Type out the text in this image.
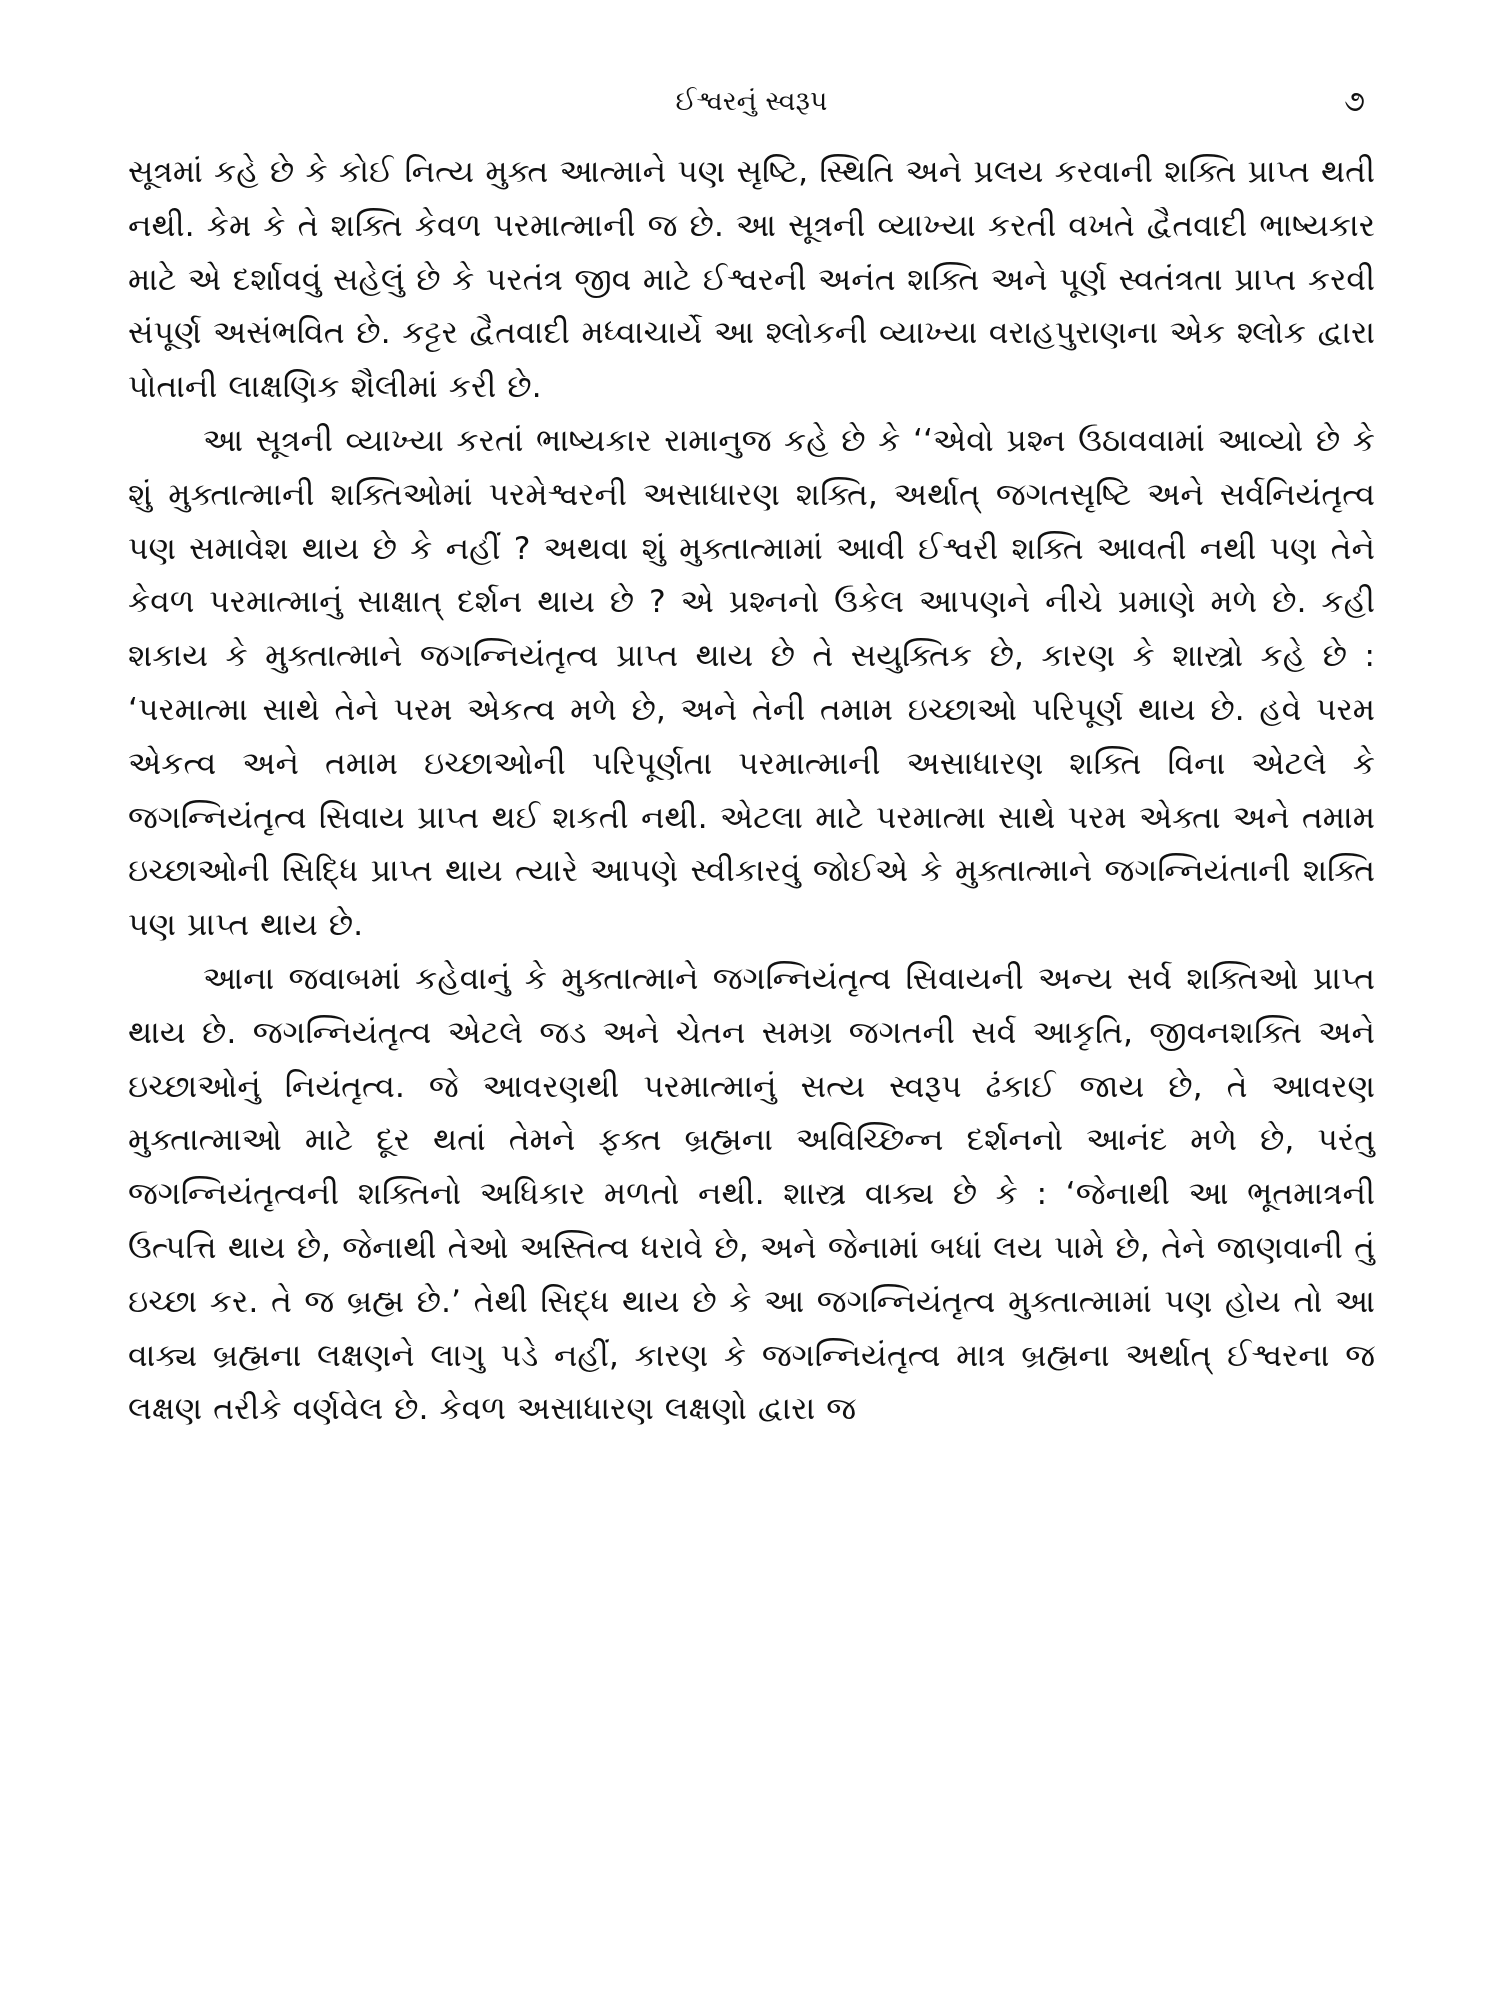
ઈશ્વરનું સ્વરૂપ	૭

સૂત્રમાં કહે છે કે કોઈ નિત્ય મુક્ત આત્માને પણ સૃષ્ટિ, સ્થિતિ અને પ્રલય કરવાની શક્તિ પ્રાપ્ત થતી નથી. કેમ કે તે શક્તિ કેવળ પરમાત્માની જ છે. આ સૂત્રની વ્યાખ્યા કરતી વખતે દ્વૈતવાદી ભાષ્યકાર માટે એ દર્શાવવું સહેલું છે કે પરતંત્ર જીવ માટે ઈશ્વરની અનંત શક્તિ અને પૂર્ણ સ્વતંત્રતા પ્રાપ્ત કરવી સંપૂર્ણ અસંભવિત છે. કટ્ટર દ્વૈતવાદી મધ્વાચાર્યે આ શ્લોકની વ્યાખ્યા વરાહપુરાણના એક શ્લોક દ્વારા પોતાની લાક્ષણિક શૈલીમાં કરી છે.

આ સૂત્રની વ્યાખ્યા કરતાં ભાષ્યકાર રામાનુજ કહે છે કે ‘‘એવો પ્રશ્ન ઉઠાવવામાં આવ્યો છે કે શું મુક્તાત્માની શક્તિઓમાં પરમેશ્વરની અસાધારણ શક્તિ, અર્થાત્ જગતસૃષ્ટિ અને સર્વનિયંતૃત્વ પણ સમાવેશ થાય છે કે નહીં ? અથવા શું મુક્તાત્મામાં આવી ઈશ્વરી શક્તિ આવતી નથી પણ તેને કેવળ પરમાત્માનું સાક્ષાત્ દર્શન થાય છે ? એ પ્રશ્નનો ઉકેલ આપણને નીચે પ્રમાણે મળે છે. કહી શકાય કે મુક્તાત્માને જગન્નિયંતૃત્વ પ્રાપ્ત થાય છે તે સયુક્તિક છે, કારણ કે શાસ્ત્રો કહે છે : ‘પરમાત્મા સાથે તેને પરમ એકત્વ મળે છે, અને તેની તમામ ઇચ્છાઓ પરિપૂર્ણ થાય છે. હવે પરમ એકત્વ અને તમામ ઇચ્છાઓની પરિપૂર્ણતા પરમાત્માની અસાધારણ શક્તિ વિના એટલે કે જગન્નિયંતૃત્વ સિવાય પ્રાપ્ત થઈ શકતી નથી. એટલા માટે પરમાત્મા સાથે પરમ એક્તા અને તમામ ઇચ્છાઓની સિદ્ધિ પ્રાપ્ત થાય ત્યારે આપણે સ્વીકારવું જોઈએ કે મુક્તાત્માને જગન્નિયંતાની શક્તિ પણ પ્રાપ્ત થાય છે.

આના જવાબમાં કહેવાનું કે મુક્તાત્માને જગન્નિયંતૃત્વ સિવાયની અન્ય સર્વ શક્તિઓ પ્રાપ્ત થાય છે. જગન્નિયંતૃત્વ એટલે જડ અને ચેતન સમગ્ર જગતની સર્વ આકૃતિ, જીવનશક્તિ અને ઇચ્છાઓનું નિયંતૃત્વ. જે આવરણથી પરમાત્માનું સત્ય સ્વરૂપ ઢંકાઈ જાય છે, તે આવરણ મુક્તાત્માઓ માટે દૂર થતાં તેમને ફક્ત બ્રહ્મના અવિચ્છિન્ન દર્શનનો આનંદ મળે છે, પરંતુ જગન્નિયંતૃત્વની શક્તિનો અધિકાર મળતો નથી. શાસ્ત્ર વાક્ય છે કે : ‘જેનાથી આ ભૂતમાત્રની ઉત્પત્તિ થાય છે, જેનાથી તેઓ અસ્તિત્વ ધરાવે છે, અને જેનામાં બધાં લય પામે છે, તેને જાણવાની તું ઇચ્છા કર. તે જ બ્રહ્મ છે.’ તેથી સિદ્ધ થાય છે કે આ જગન્નિયંતૃત્વ મુક્તાત્મામાં પણ હોય તો આ વાક્ય બ્રહ્મના લક્ષણને લાગુ પડે નહીં, કારણ કે જગન્નિયંતૃત્વ માત્ર બ્રહ્મના અર્થાત્ ઈશ્વરના જ લક્ષણ તરીકે વર્ણવેલ છે. કેવળ અસાધારણ લક્ષણો દ્વારા જ
